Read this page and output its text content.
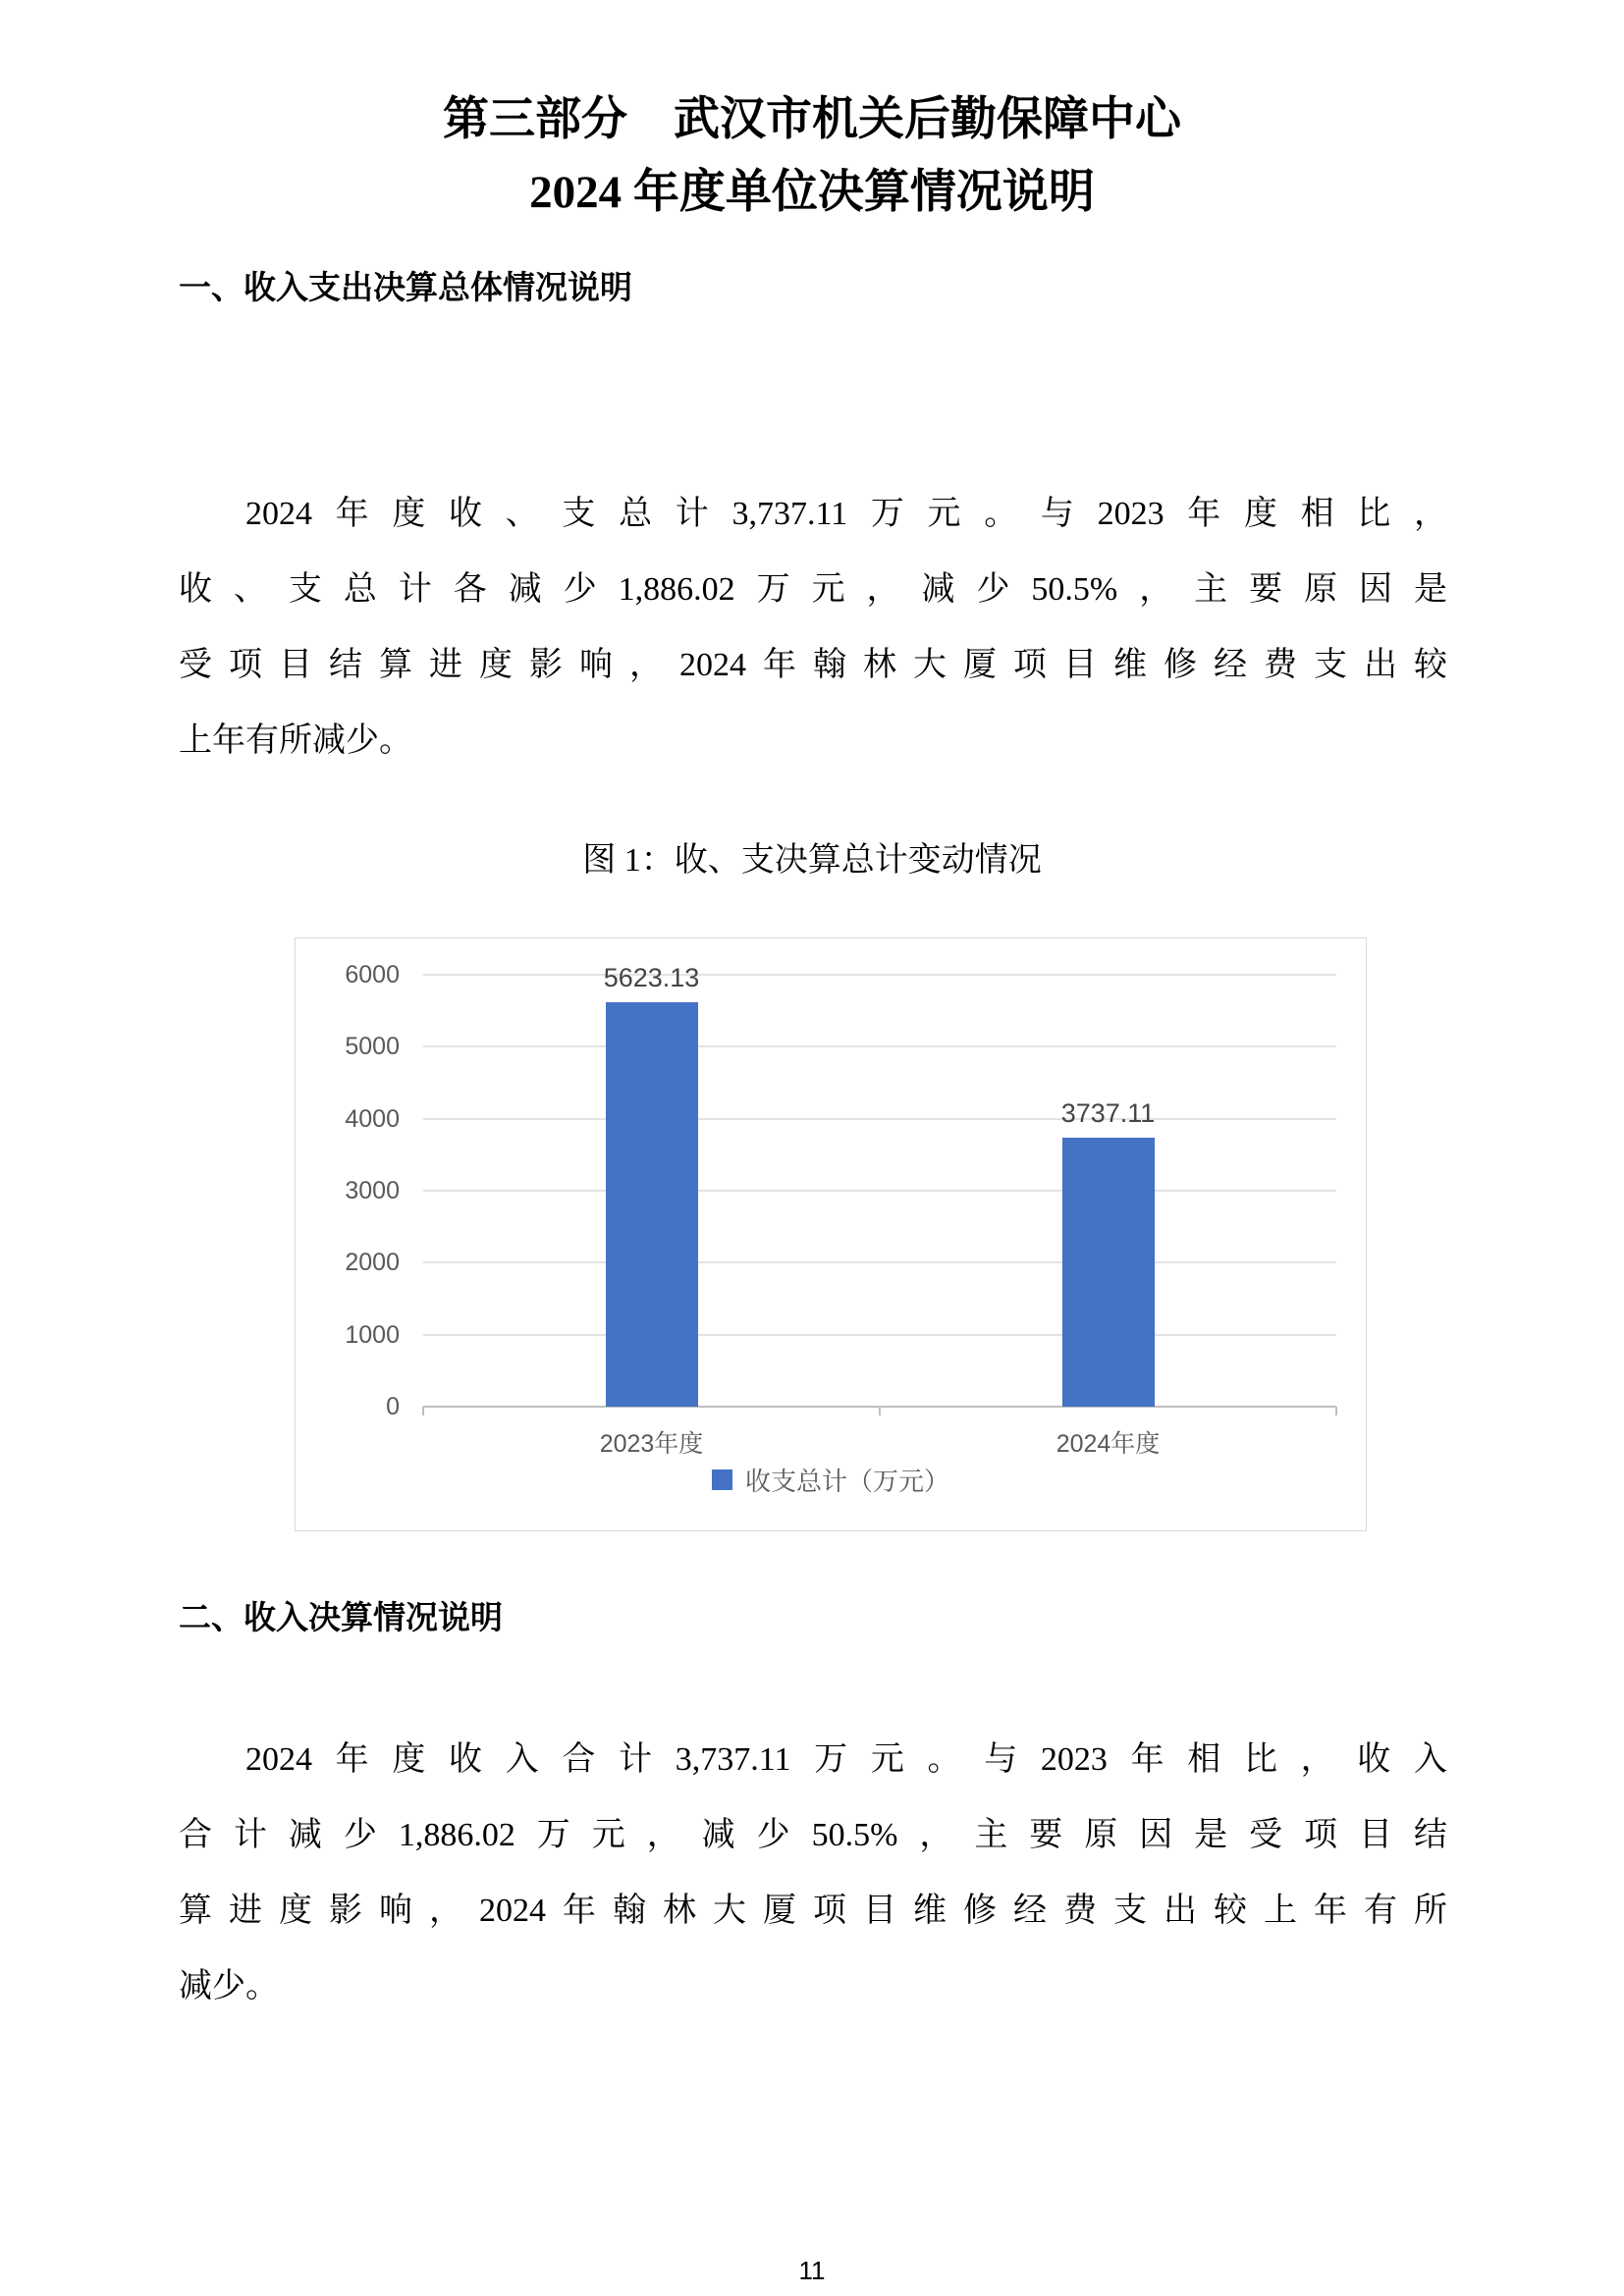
第三部分　武汉市机关后勤保障中心
2024 年度单位决算情况说明
一、收入支出决算总体情况说明
2024年度收、支总计3,737.11万元。与2023年度相比，
收、支总计各减少1,886.02万元，减少50.5%，主要原因是
受项目结算进度影响，2024年翰林大厦项目维修经费支出较
上年有所减少。
图 1：收、支决算总计变动情况
收支总计（万元）
0
1000
2000
3000
4000
5000
6000	5623.13
2023年度
3737.11
2024年度
二、收入决算情况说明
2024年度收入合计3,737.11万元。与2023年相比，收入
合计减少1,886.02万元，减少50.5%，主要原因是受项目结
算进度影响，2024年翰林大厦项目维修经费支出较上年有所
减少。
11
